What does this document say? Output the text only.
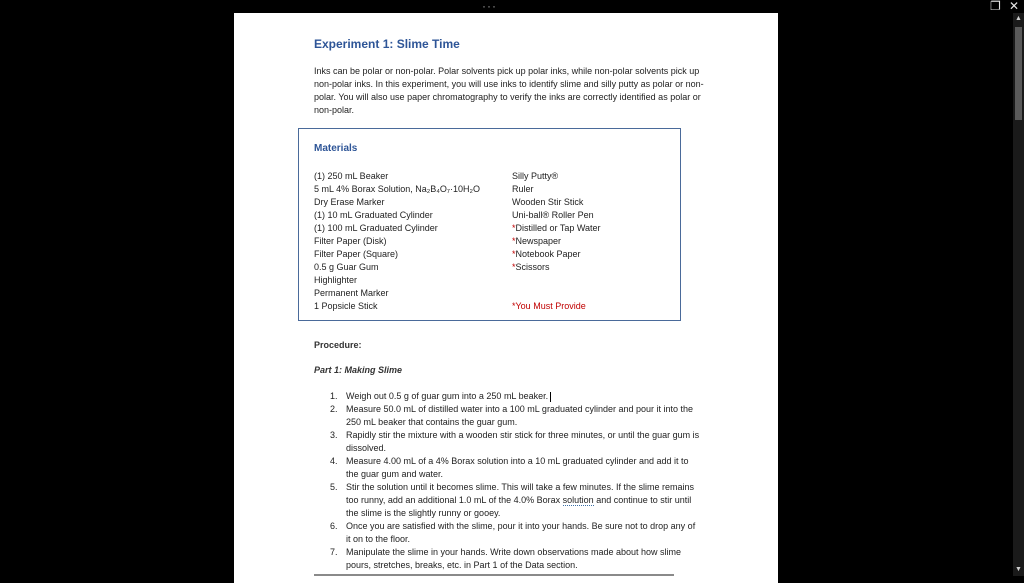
···	❐ ✕
Experiment 1: Slime Time
Inks can be polar or non-polar. Polar solvents pick up polar inks, while non-polar solvents pick up non-polar inks. In this experiment, you will use inks to identify slime and silly putty as polar or non-polar. You will also use paper chromatography to verify the inks are correctly identified as polar or non-polar.
Materials
(1) 250 mL Beaker
5 mL 4% Borax Solution, Na₂B₄O₇·10H₂O
Dry Erase Marker
(1) 10 mL Graduated Cylinder
(1) 100 mL Graduated Cylinder
Filter Paper (Disk)
Filter Paper (Square)
0.5 g Guar Gum
Highlighter
Permanent Marker
1 Popsicle Stick
Silly Putty®
Ruler
Wooden Stir Stick
Uni-ball® Roller Pen
*Distilled or Tap Water
*Newspaper
*Notebook Paper
*Scissors

*You Must Provide
Procedure:
Part 1: Making Slime
1. Weigh out 0.5 g of guar gum into a 250 mL beaker.
2. Measure 50.0 mL of distilled water into a 100 mL graduated cylinder and pour it into the 250 mL beaker that contains the guar gum.
3. Rapidly stir the mixture with a wooden stir stick for three minutes, or until the guar gum is dissolved.
4. Measure 4.00 mL of a 4% Borax solution into a 10 mL graduated cylinder and add it to the guar gum and water.
5. Stir the solution until it becomes slime. This will take a few minutes. If the slime remains too runny, add an additional 1.0 mL of the 4.0% Borax solution and continue to stir until the slime is the slightly runny or gooey.
6. Once you are satisfied with the slime, pour it into your hands. Be sure not to drop any of it on to the floor.
7. Manipulate the slime in your hands. Write down observations made about how slime pours, stretches, breaks, etc. in Part 1 of the Data section.
▲
▼
